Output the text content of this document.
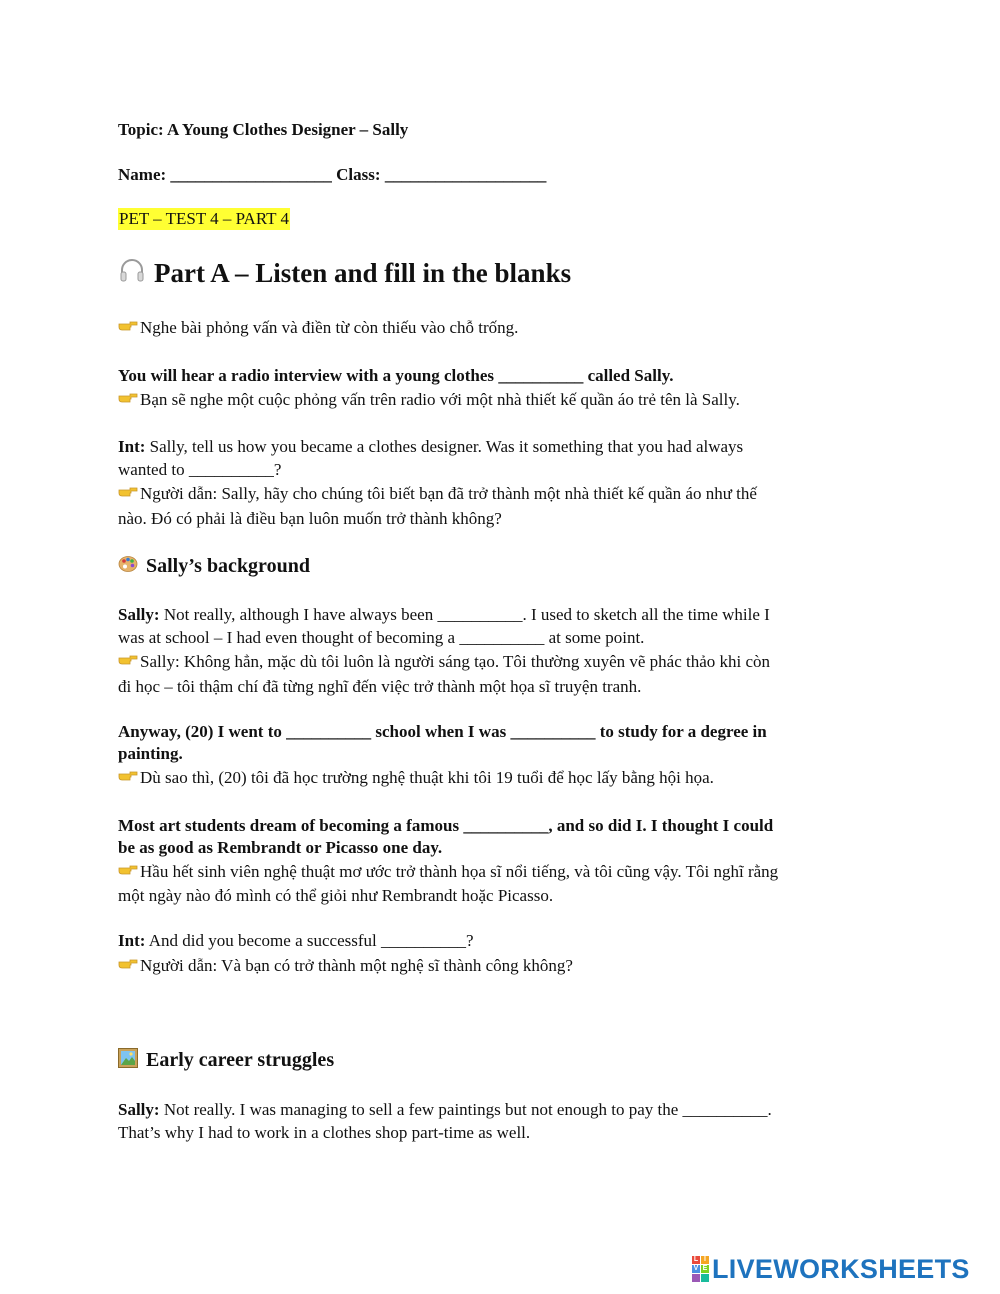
Topic: A Young Clothes Designer – Sally
Name: ___________________ Class: ___________________
PET – TEST 4 – PART 4
Part A – Listen and fill in the blanks
Nghe bài phỏng vấn và điền từ còn thiếu vào chỗ trống.
You will hear a radio interview with a young clothes __________ called Sally.
Bạn sẽ nghe một cuộc phỏng vấn trên radio với một nhà thiết kế quần áo trẻ tên là Sally.
Int: Sally, tell us how you became a clothes designer. Was it something that you had always
wanted to __________?
Người dẫn: Sally, hãy cho chúng tôi biết bạn đã trở thành một nhà thiết kế quần áo như thế
nào. Đó có phải là điều bạn luôn muốn trở thành không?
Sally’s background
Sally: Not really, although I have always been __________. I used to sketch all the time while I
was at school – I had even thought of becoming a __________ at some point.
Sally: Không hẳn, mặc dù tôi luôn là người sáng tạo. Tôi thường xuyên vẽ phác thảo khi còn
đi học – tôi thậm chí đã từng nghĩ đến việc trở thành một họa sĩ truyện tranh.
Anyway, (20) I went to __________ school when I was __________ to study for a degree in
painting.
Dù sao thì, (20) tôi đã học trường nghệ thuật khi tôi 19 tuổi để học lấy bằng hội họa.
Most art students dream of becoming a famous __________, and so did I. I thought I could
be as good as Rembrandt or Picasso one day.
Hầu hết sinh viên nghệ thuật mơ ước trở thành họa sĩ nổi tiếng, và tôi cũng vậy. Tôi nghĩ rằng
một ngày nào đó mình có thể giỏi như Rembrandt hoặc Picasso.
Int: And did you become a successful __________?
Người dẫn: Và bạn có trở thành một nghệ sĩ thành công không?
Early career struggles
Sally: Not really. I was managing to sell a few paintings but not enough to pay the __________.
That’s why I had to work in a clothes shop part-time as well.
L I
V E LIVEWORKSHEETS
